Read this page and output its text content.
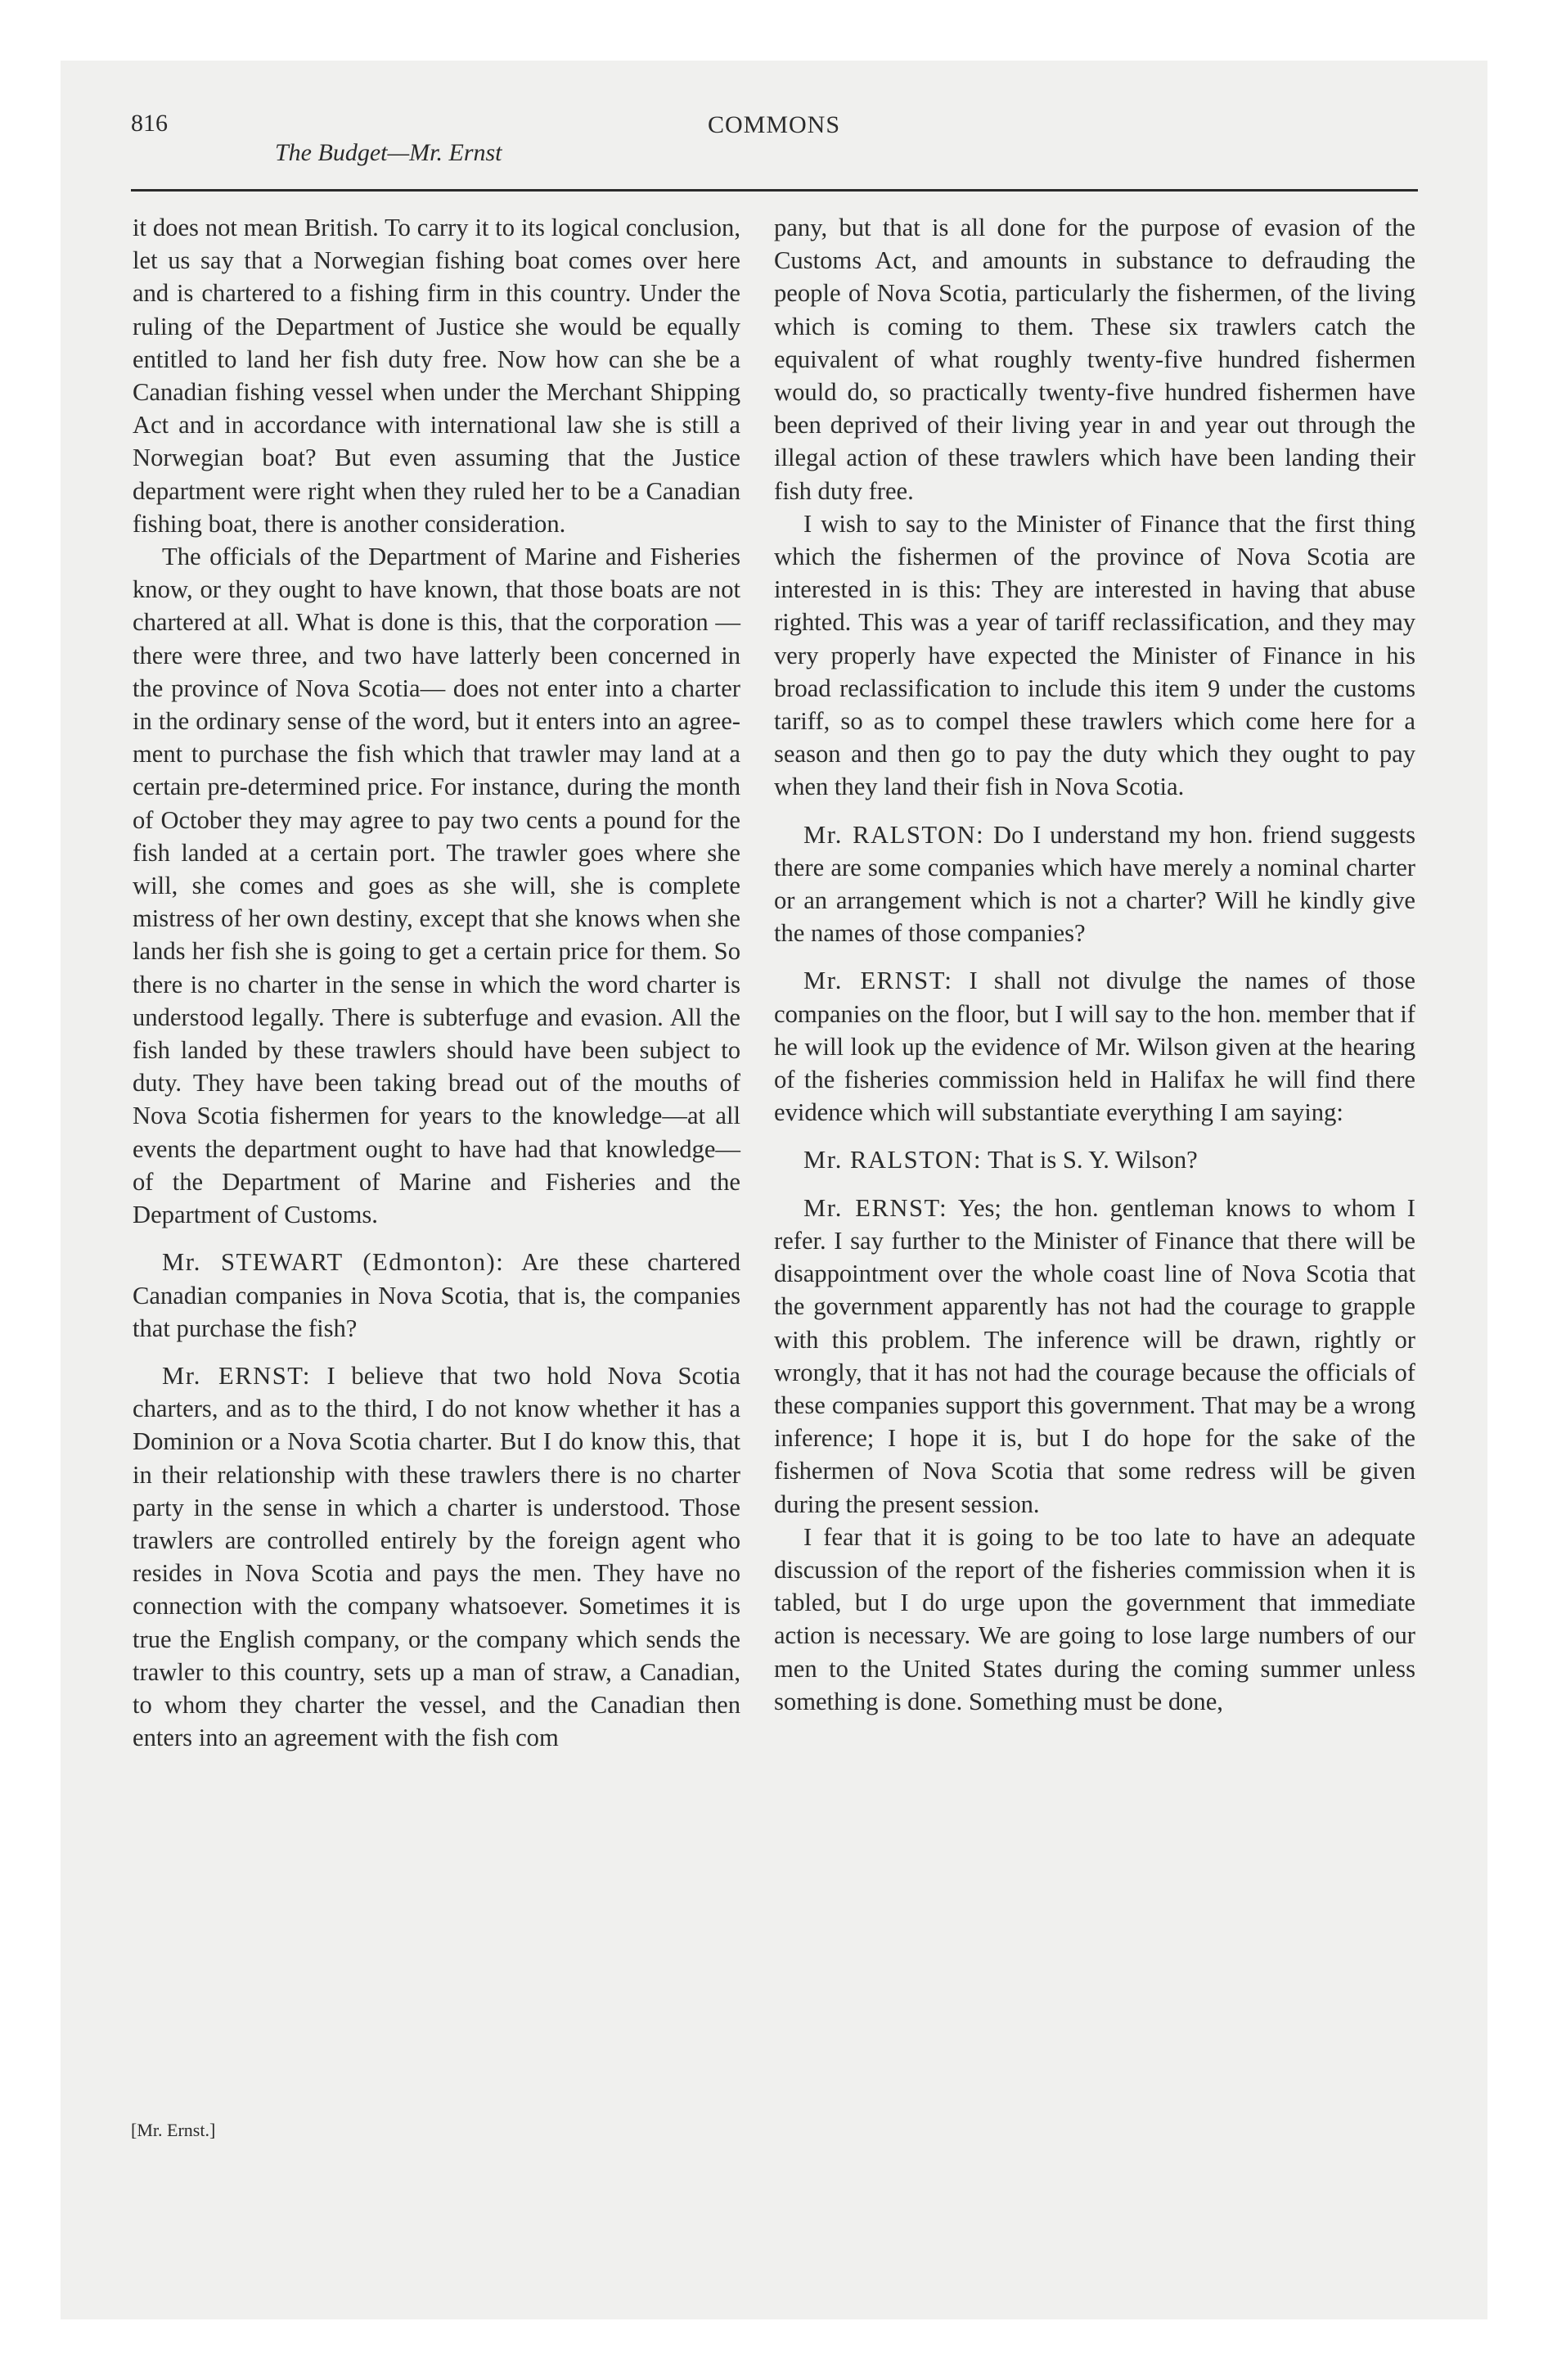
816	COMMONS
The Budget—Mr. Ernst

it does not mean British. To carry it to its logical conclusion, let us say that a Norwegian fishing boat comes over here and is chartered to a fishing firm in this country. Under the ruling of the Department of Justice she would be equally entitled to land her fish duty free. Now how can she be a Canadian fishing vessel when under the Merchant Shipping Act and in accordance with international law she is still a Norwegian boat? But even assuming that the Justice department were right when they ruled her to be a Canadian fishing boat, there is another consideration.

The officials of the Department of Marine and Fisheries know, or they ought to have known, that those boats are not chartered at all. What is done is this, that the corporation —there were three, and two have latterly been concerned in the province of Nova Scotia— does not enter into a charter in the ordinary sense of the word, but it enters into an agreement to purchase the fish which that trawler may land at a certain pre-determined price. For instance, during the month of October they may agree to pay two cents a pound for the fish landed at a certain port. The trawler goes where she will, she comes and goes as she will, she is complete mistress of her own destiny, except that she knows when she lands her fish she is going to get a certain price for them. So there is no charter in the sense in which the word charter is understood legally. There is subterfuge and evasion. All the fish landed by these trawlers should have been subject to duty. They have been taking bread out of the mouths of Nova Scotia fishermen for years to the knowledge—at all events the department ought to have had that knowledge—of the Department of Marine and Fisheries and the Department of Customs.

Mr. STEWART (Edmonton): Are these chartered Canadian companies in Nova Scotia, that is, the companies that purchase the fish?

Mr. ERNST: I believe that two hold Nova Scotia charters, and as to the third, I do not know whether it has a Dominion or a Nova Scotia charter. But I do know this, that in their relationship with these trawlers there is no charter party in the sense in which a charter is understood. Those trawlers are controlled entirely by the foreign agent who resides in Nova Scotia and pays the men. They have no connection with the company whatsoever. Sometimes it is true the English company, or the company which sends the trawler to this country, sets up a man of straw, a Canadian, to whom they charter the vessel, and the Canadian then enters into an agreement with the fish com

pany, but that is all done for the purpose of evasion of the Customs Act, and amounts in substance to defrauding the people of Nova Scotia, particularly the fishermen, of the living which is coming to them. These six trawlers catch the equivalent of what roughly twenty-five hundred fishermen would do, so practically twenty-five hundred fishermen have been deprived of their living year in and year out through the illegal action of these trawlers which have been landing their fish duty free.

I wish to say to the Minister of Finance that the first thing which the fishermen of the province of Nova Scotia are interested in is this: They are interested in having that abuse righted. This was a year of tariff reclassification, and they may very properly have expected the Minister of Finance in his broad reclassification to include this item 9 under the customs tariff, so as to compel these trawlers which come here for a season and then go to pay the duty which they ought to pay when they land their fish in Nova Scotia.

Mr. RALSTON: Do I understand my hon. friend suggests there are some companies which have merely a nominal charter or an arrangement which is not a charter? Will he kindly give the names of those companies?

Mr. ERNST: I shall not divulge the names of those companies on the floor, but I will say to the hon. member that if he will look up the evidence of Mr. Wilson given at the hearing of the fisheries commission held in Halifax he will find there evidence which will substantiate everything I am saying:

Mr. RALSTON: That is S. Y. Wilson?

Mr. ERNST: Yes; the hon. gentleman knows to whom I refer. I say further to the Minister of Finance that there will be disappointment over the whole coast line of Nova Scotia that the government apparently has not had the courage to grapple with this problem. The inference will be drawn, rightly or wrongly, that it has not had the courage because the officials of these companies support this government. That may be a wrong inference; I hope it is, but I do hope for the sake of the fishermen of Nova Scotia that some redress will be given during the present session.

I fear that it is going to be too late to have an adequate discussion of the report of the fisheries commission when it is tabled, but I do urge upon the government that immediate action is necessary. We are going to lose large numbers of our men to the United States during the coming summer unless something is done. Something must be done,

[Mr. Ernst.]
